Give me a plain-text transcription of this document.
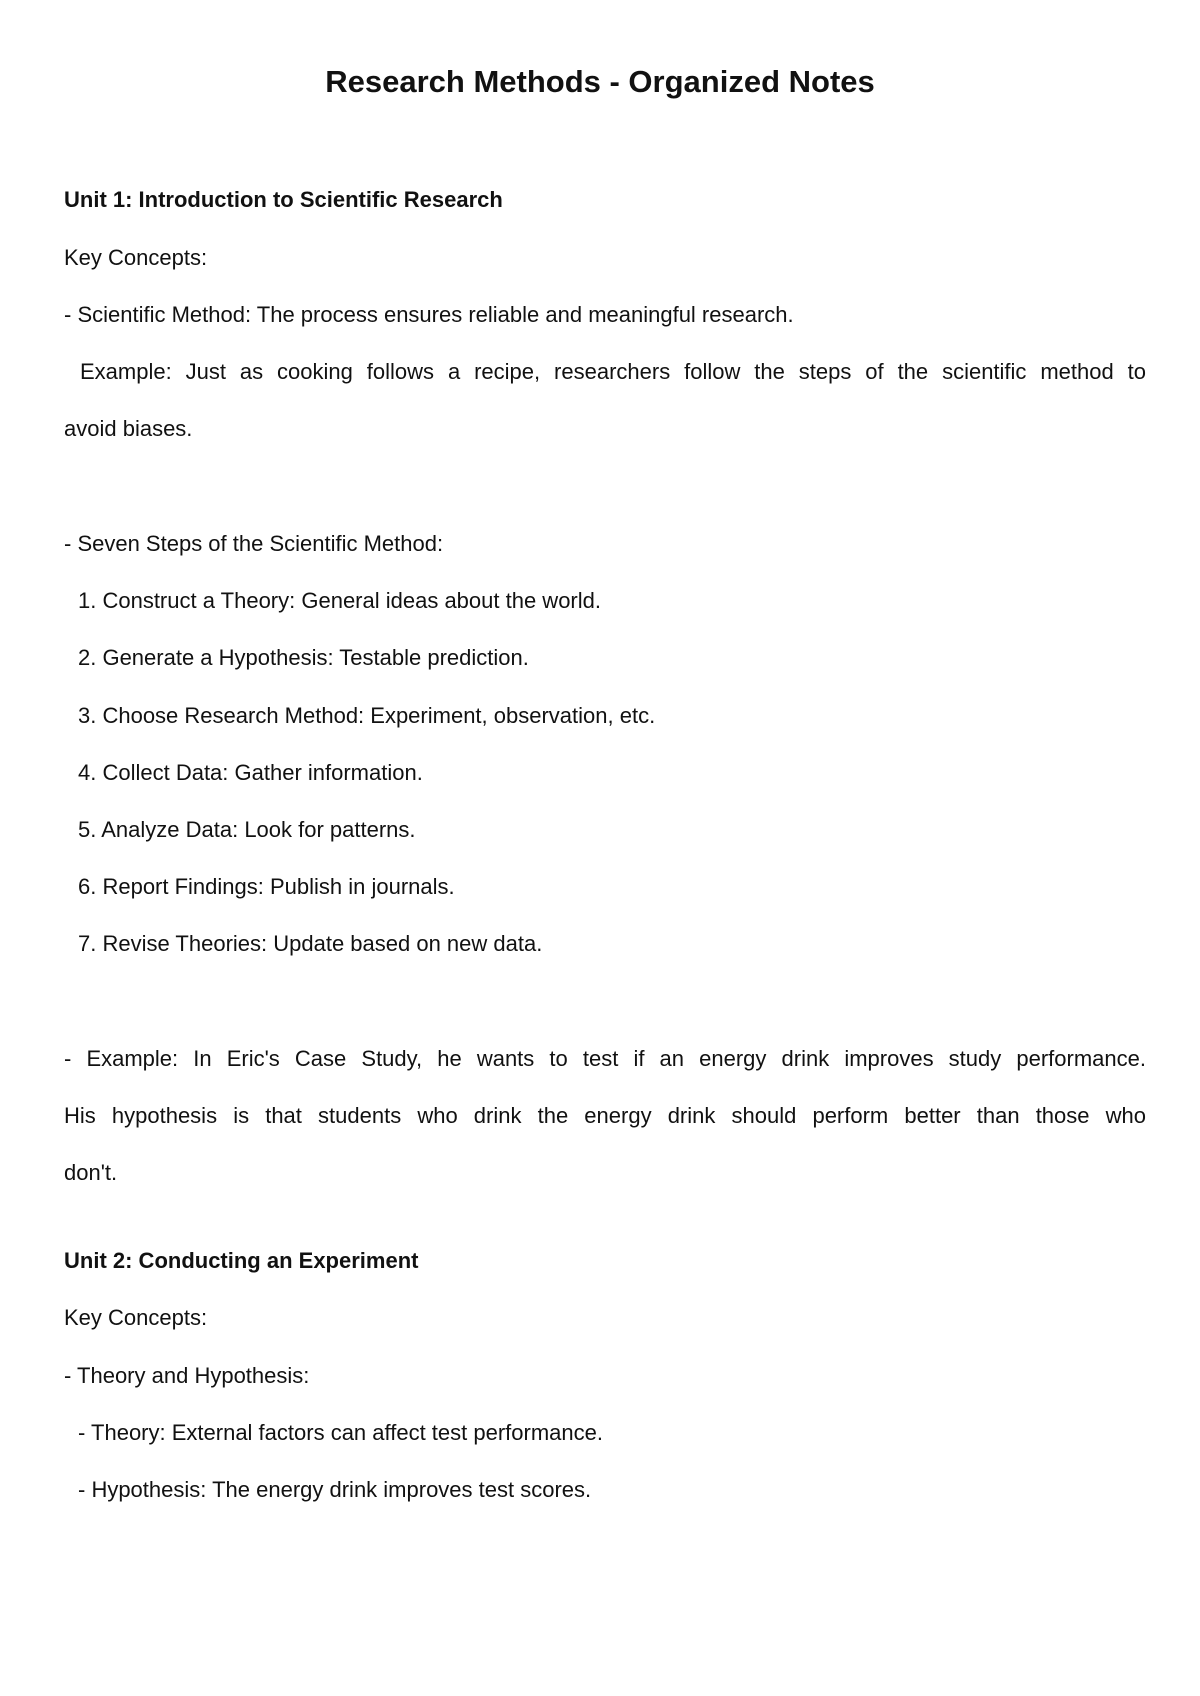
Research Methods - Organized Notes

Unit 1: Introduction to Scientific Research

Key Concepts:

- Scientific Method: The process ensures reliable and meaningful research.

Example: Just as cooking follows a recipe, researchers follow the steps of the scientific method to

avoid biases.

- Seven Steps of the Scientific Method:

1. Construct a Theory: General ideas about the world.

2. Generate a Hypothesis: Testable prediction.

3. Choose Research Method: Experiment, observation, etc.

4. Collect Data: Gather information.

5. Analyze Data: Look for patterns.

6. Report Findings: Publish in journals.

7. Revise Theories: Update based on new data.

- Example: In Eric's Case Study, he wants to test if an energy drink improves study performance.

His hypothesis is that students who drink the energy drink should perform better than those who

don't.

Unit 2: Conducting an Experiment

Key Concepts:

- Theory and Hypothesis:

- Theory: External factors can affect test performance.

- Hypothesis: The energy drink improves test scores.
